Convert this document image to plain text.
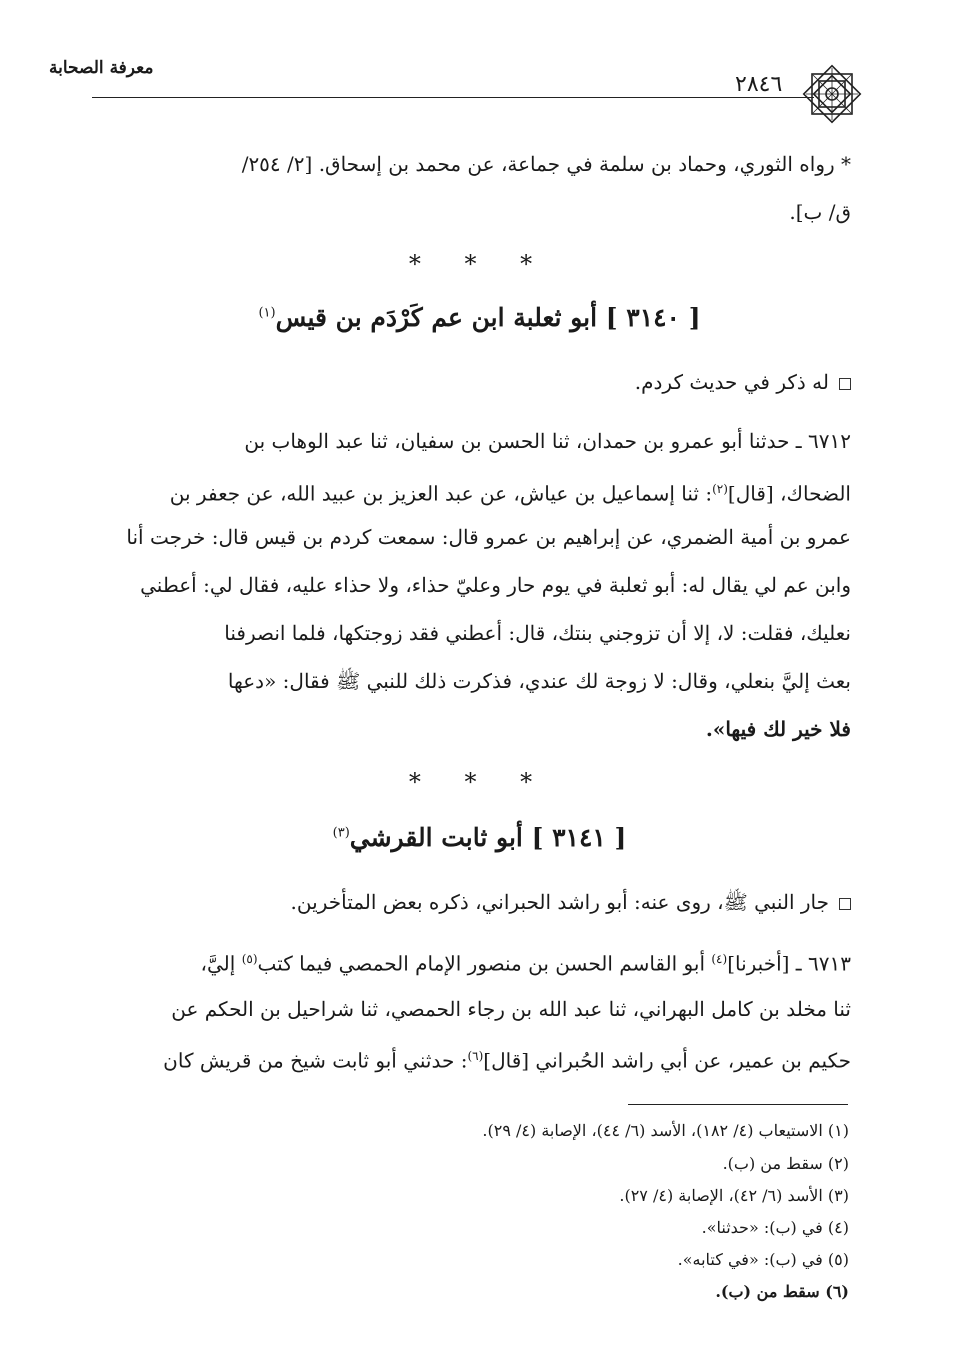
معرفة الصحابة
٢٨٤٦
* رواه الثوري، وحماد بن سلمة في جماعة، عن محمد بن إسحاق. [٢/ ٢٥٤/
ق/ ب].
* * *
[ ٣١٤٠ ] أبو ثعلبة ابن عم كَرْدَم بن قيس$^{(١)}$
له ذكر في حديث كردم.
٦٧١٢ ـ حدثنا أبو عمرو بن حمدان، ثنا الحسن بن سفيان، ثنا عبد الوهاب بن
الضحاك، [قال]$^{(٢)}$: ثنا إسماعيل بن عياش، عن عبد العزيز بن عبيد الله، عن جعفر بن
عمرو بن أمية الضمري، عن إبراهيم بن عمرو قال: سمعت كردم بن قيس قال: خرجت أنا
وابن عم لي يقال له: أبو ثعلبة في يوم حار وعليّ حذاء، ولا حذاء عليه، فقال لي: أعطني
نعليك، فقلت: لا، إلا أن تزوجني بنتك، قال: أعطني فقد زوجتكها، فلما انصرفنا
بعث إليَّ بنعلي، وقال: لا زوجة لك عندي، فذكرت ذلك للنبي ﷺ فقال: «دعها
فلا خير لك فيها».
* * *
[ ٣١٤١ ] أبو ثابت القرشي$^{(٣)}$
جار النبي ﷺ، روى عنه: أبو راشد الحبراني، ذكره بعض المتأخرين.
٦٧١٣ ـ [أخبرنا]$^{(٤)}$ أبو القاسم الحسن بن منصور الإمام الحمصي فيما كتب$^{(٥)}$ إليَّ،
ثنا مخلد بن كامل البهراني، ثنا عبد الله بن رجاء الحمصي، ثنا شراحيل بن الحكم عن
حكيم بن عمير، عن أبي راشد الحُبراني [قال]$^{(٦)}$: حدثني أبو ثابت شيخ من قريش كان
(١) الاستيعاب (٤/ ١٨٢)، الأسد (٦/ ٤٤)، الإصابة (٤/ ٢٩).
(٢) سقط من (ب).
(٣) الأسد (٦/ ٤٢)، الإصابة (٤/ ٢٧).
(٤) في (ب): «حدثنا».
(٥) في (ب): «في كتابه».
(٦) سقط من (ب).
